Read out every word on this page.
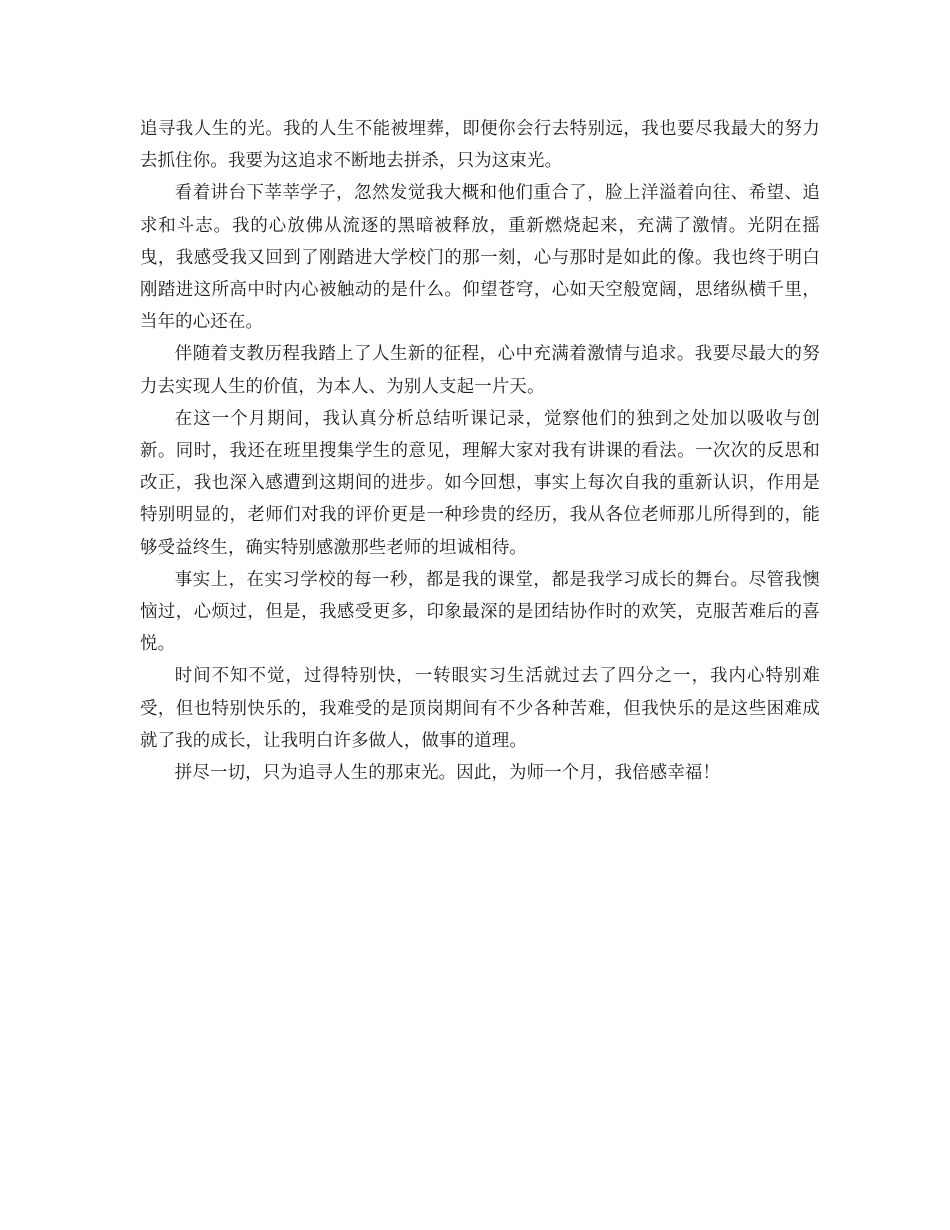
追寻我人生的光。我的人生不能被埋葬，即便你会行去特别远，我也要尽我最大的努力去抓住你。我要为这追求不断地去拼杀，只为这束光。

看着讲台下莘莘学子，忽然发觉我大概和他们重合了，脸上洋溢着向往、希望、追求和斗志。我的心放佛从流逐的黑暗被释放，重新燃烧起来，充满了激情。光阴在摇曳，我感受我又回到了刚踏进大学校门的那一刻，心与那时是如此的像。我也终于明白刚踏进这所高中时内心被触动的是什么。仰望苍穹，心如天空般宽阔，思绪纵横千里，当年的心还在。

伴随着支教历程我踏上了人生新的征程，心中充满着激情与追求。我要尽最大的努力去实现人生的价值，为本人、为别人支起一片天。

在这一个月期间，我认真分析总结听课记录，觉察他们的独到之处加以吸收与创新。同时，我还在班里搜集学生的意见，理解大家对我有讲课的看法。一次次的反思和改正，我也深入感遭到这期间的进步。如今回想，事实上每次自我的重新认识，作用是特别明显的，老师们对我的评价更是一种珍贵的经历，我从各位老师那儿所得到的，能够受益终生，确实特别感激那些老师的坦诚相待。

事实上，在实习学校的每一秒，都是我的课堂，都是我学习成长的舞台。尽管我懊恼过，心烦过，但是，我感受更多，印象最深的是团结协作时的欢笑，克服苦难后的喜悦。

时间不知不觉，过得特别快，一转眼实习生活就过去了四分之一，我内心特别难受，但也特别快乐的，我难受的是顶岗期间有不少各种苦难，但我快乐的是这些困难成就了我的成长，让我明白许多做人，做事的道理。

拼尽一切，只为追寻人生的那束光。因此，为师一个月，我倍感幸福！
